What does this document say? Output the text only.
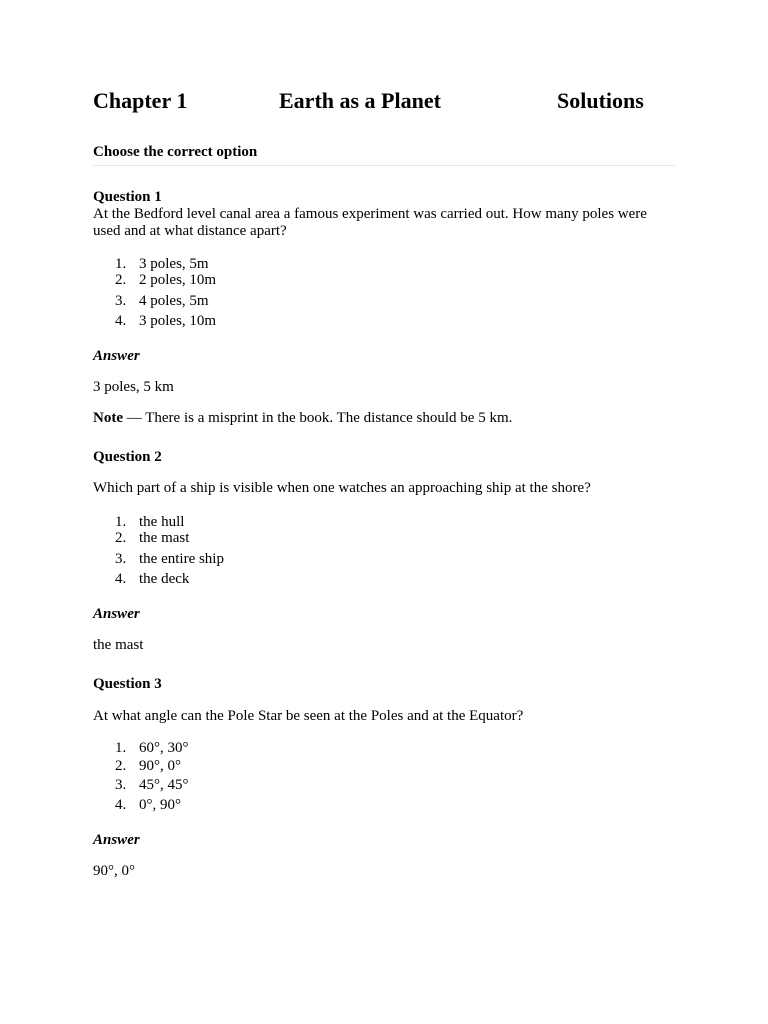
Chapter 1	Earth as a Planet	Solutions
Choose the correct option
Question 1
At the Bedford level canal area a famous experiment was carried out. How many poles were used and at what distance apart?
1. 3 poles, 5m
2. 2 poles, 10m
3. 4 poles, 5m
4. 3 poles, 10m
Answer
3 poles, 5 km
Note — There is a misprint in the book. The distance should be 5 km.
Question 2
Which part of a ship is visible when one watches an approaching ship at the shore?
1. the hull
2. the mast
3. the entire ship
4. the deck
Answer
the mast
Question 3
At what angle can the Pole Star be seen at the Poles and at the Equator?
1. 60°, 30°
2. 90°, 0°
3. 45°, 45°
4. 0°, 90°
Answer
90°, 0°
